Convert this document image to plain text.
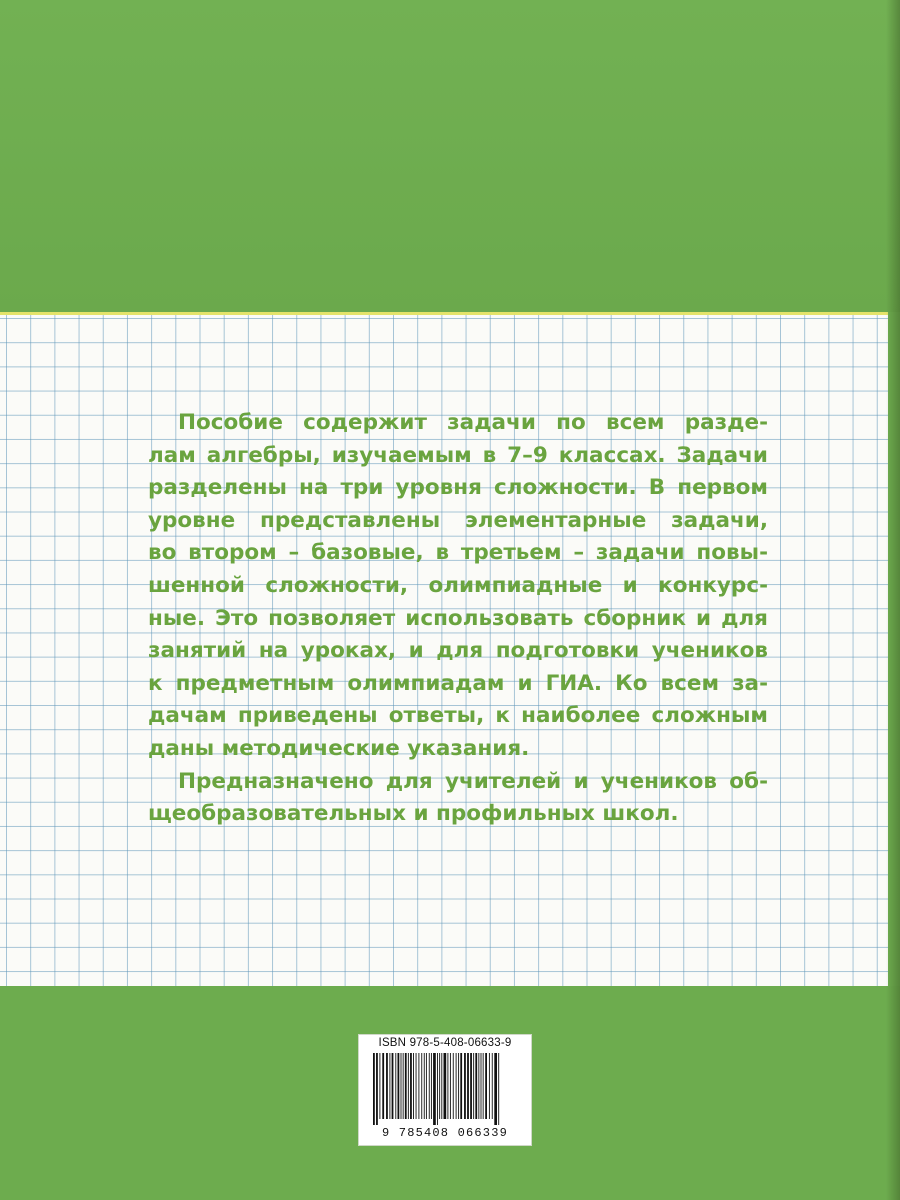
Пособие содержит задачи по всем разде-
лам алгебры, изучаемым в 7–9 классах. Задачи
разделены на три уровня сложности. В первом
уровне представлены элементарные задачи,
во втором – базовые, в третьем – задачи повы-
шенной сложности, олимпиадные и конкурс-
ные. Это позволяет использовать сборник и для
занятий на уроках, и для подготовки учеников
к предметным олимпиадам и ГИА. Ко всем за-
дачам приведены ответы, к наиболее сложным
даны методические указания.
Предназначено для учителей и учеников об-
щеобразовательных и профильных школ.
ISBN 978-5-408-06633-9
9 785408 066339
